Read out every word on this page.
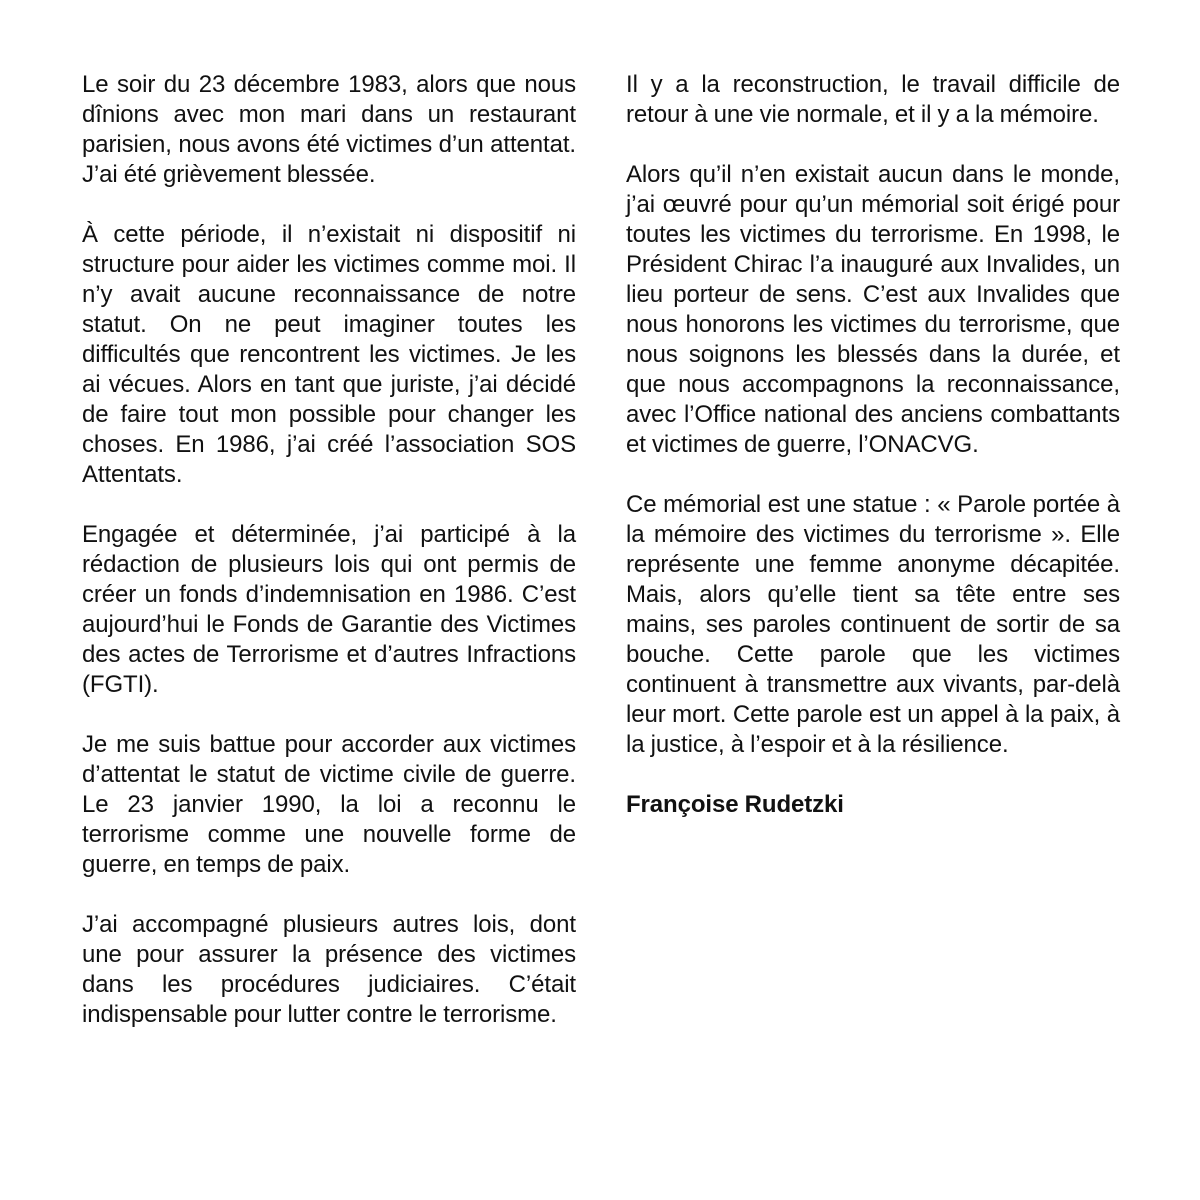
Le soir du 23 décembre 1983, alors que nous dînions avec mon mari dans un restaurant parisien, nous avons été victimes d’un attentat. J’ai été grièvement blessée.

À cette période, il n’existait ni dispositif ni structure pour aider les victimes comme moi. Il n’y avait aucune reconnaissance de notre statut. On ne peut imaginer toutes les difficultés que rencontrent les victimes. Je les ai vécues. Alors en tant que juriste, j’ai décidé de faire tout mon possible pour changer les choses. En 1986, j’ai créé l’association SOS Attentats.

Engagée et déterminée, j’ai participé à la rédaction de plusieurs lois qui ont permis de créer un fonds d’indemnisation en 1986. C’est aujourd’hui le Fonds de Garantie des Victimes des actes de Terrorisme et d’autres Infractions (FGTI).

Je me suis battue pour accorder aux victimes d’attentat le statut de victime civile de guerre. Le 23 janvier 1990, la loi a reconnu le terrorisme comme une nouvelle forme de guerre, en temps de paix.

J’ai accompagné plusieurs autres lois, dont une pour assurer la présence des victimes dans les procédures judiciaires. C’était indispensable pour lutter contre le terrorisme.

Il y a la reconstruction, le travail difficile de retour à une vie normale, et il y a la mémoire.

Alors qu’il n’en existait aucun dans le monde, j’ai œuvré pour qu’un mémorial soit érigé pour toutes les victimes du terrorisme. En 1998, le Président Chirac l’a inauguré aux Invalides, un lieu porteur de sens. C’est aux Invalides que nous honorons les victimes du terrorisme, que nous soignons les blessés dans la durée, et que nous accompagnons la reconnaissance, avec l’Office national des anciens combattants et victimes de guerre, l’ONACVG.

Ce mémorial est une statue : « Parole portée à la mémoire des victimes du terrorisme ». Elle représente une femme anonyme décapitée. Mais, alors qu’elle tient sa tête entre ses mains, ses paroles continuent de sortir de sa bouche. Cette parole que les victimes continuent à transmettre aux vivants, par-delà leur mort. Cette parole est un appel à la paix, à la justice, à l’espoir et à la résilience.

Françoise Rudetzki
